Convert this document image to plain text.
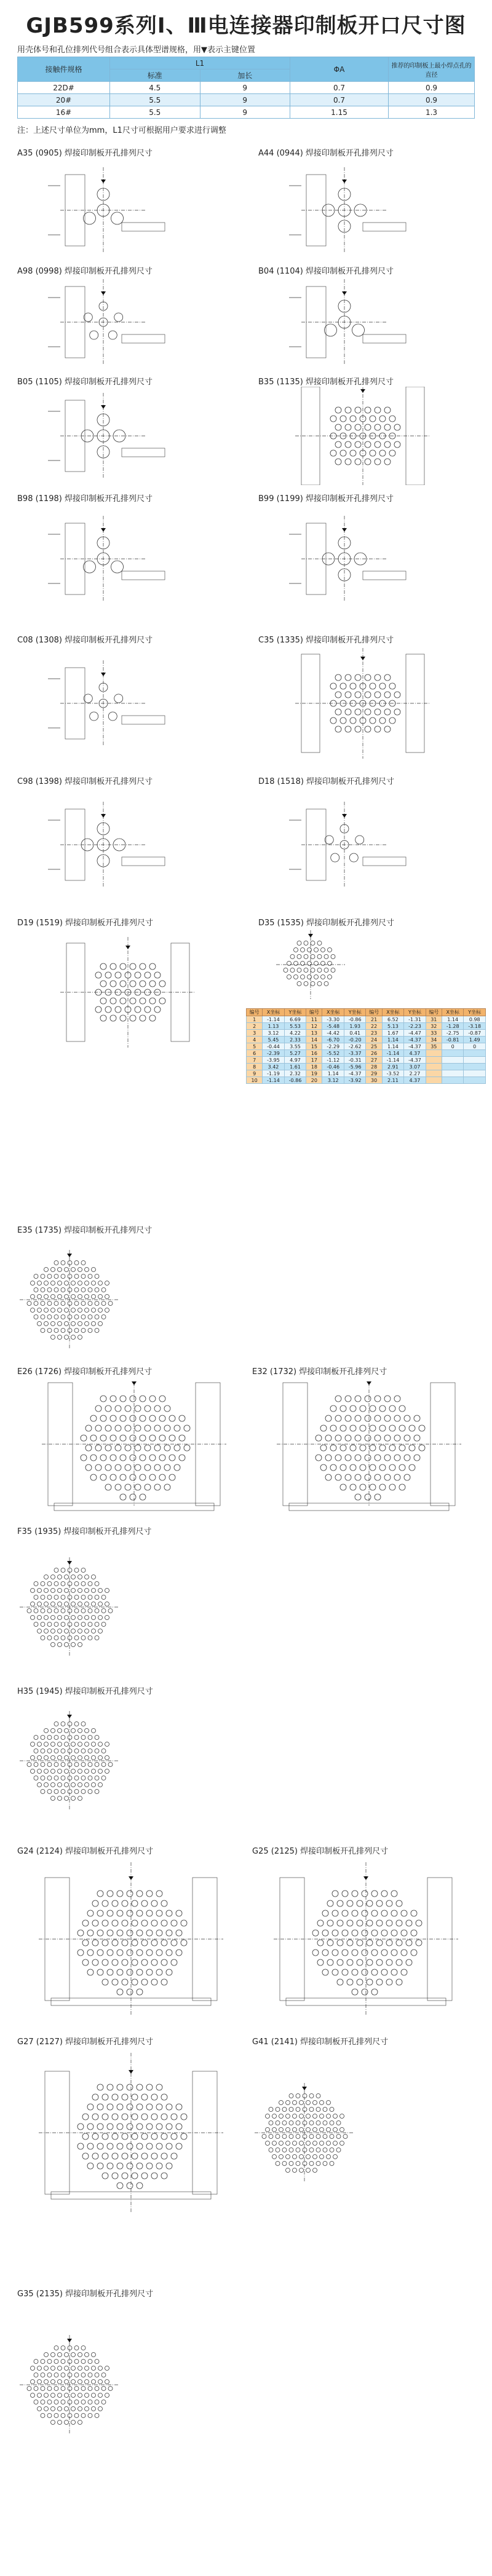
GJB599系列Ⅰ、Ⅲ电连接器印制板开口尺寸图
用壳体号和孔位排列代号组合表示具体型谱规格，用▼表示主键位置
接触件规格	L1		ΦA	推荐的印制板上最小焊点孔的直径
	标准	加长		
22D#	4.5	9	0.7	0.9
20#	5.5	9	0.7	0.9
16#	5.5	9	1.15	1.3
注：上述尺寸单位为mm，L1尺寸可根据用户要求进行调整
A35 (0905) 焊接印制板开孔排列尺寸	A44 (0944) 焊接印制板开孔排列尺寸
A98 (0998) 焊接印制板开孔排列尺寸	B04 (1104) 焊接印制板开孔排列尺寸
B05 (1105) 焊接印制板开孔排列尺寸	B35 (1135) 焊接印制板开孔排列尺寸
B98 (1198) 焊接印制板开孔排列尺寸	B99 (1199) 焊接印制板开孔排列尺寸
C08 (1308) 焊接印制板开孔排列尺寸	C35 (1335) 焊接印制板开孔排列尺寸
C98 (1398) 焊接印制板开孔排列尺寸	D18 (1518) 焊接印制板开孔排列尺寸
D19 (1519) 焊接印制板开孔排列尺寸	D35 (1535) 焊接印制板开孔排列尺寸
E35 (1735) 焊接印制板开孔排列尺寸
E26 (1726) 焊接印制板开孔排列尺寸	E32 (1732) 焊接印制板开孔排列尺寸
F35 (1935) 焊接印制板开孔排列尺寸
H35 (1945) 焊接印制板开孔排列尺寸
G24 (2124) 焊接印制板开孔排列尺寸	G25 (2125) 焊接印制板开孔排列尺寸
G27 (2127) 焊接印制板开孔排列尺寸	G41 (2141) 焊接印制板开孔排列尺寸
G35 (2135) 焊接印制板开孔排列尺寸
编号	X坐标	Y坐标	编号	X坐标	Y坐标	编号	X坐标	Y坐标	编号	X坐标	Y坐标
1	-1.14	6.69	11	-3.30	-0.86	21	6.52	-1.31	31	1.14	0.98
2	1.13	5.53	12	-5.48	1.93	22	5.13	-2.23	32	-1.28	-3.18
3	3.12	4.22	13	-4.42	0.41	23	1.67	-4.47	33	-2.75	-0.87
4	5.45	2.33	14	-6.70	-0.20	24	1.14	-4.37	34	-0.81	1.49
5	-0.44	3.55	15	-2.29	-2.62	25	1.14	-4.37	35	0	0
6	-2.39	5.27	16	-5.52	-3.37	26	-1.14	4.37			
7	-3.95	4.97	17	-1.12	-0.31	27	-1.14	-4.37			
8	3.42	1.61	18	-0.46	-5.96	28	2.91	3.07			
9	-1.19	2.32	19	1.14	-4.37	29	-3.52	2.27			
10	-1.14	-0.86	20	3.12	-3.92	30	2.11	4.37			
